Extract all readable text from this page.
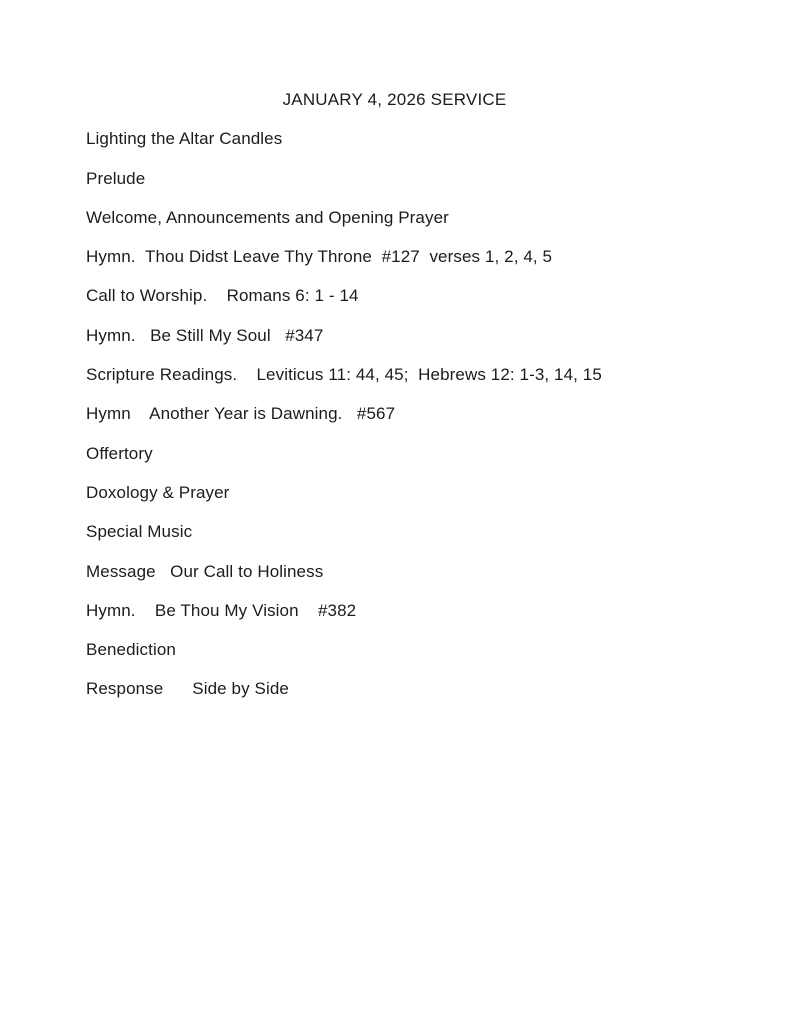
JANUARY 4, 2026 SERVICE
Lighting the Altar Candles
Prelude
Welcome, Announcements and Opening Prayer
Hymn.  Thou Didst Leave Thy Throne  #127  verses 1, 2, 4, 5
Call to Worship.    Romans 6: 1 - 14
Hymn.   Be Still My Soul   #347
Scripture Readings.    Leviticus 11: 44, 45;  Hebrews 12: 1-3, 14, 15
Hymn    Another Year is Dawning.   #567
Offertory
Doxology & Prayer
Special Music
Message   Our Call to Holiness
Hymn.    Be Thou My Vision    #382
Benediction
Response      Side by Side
